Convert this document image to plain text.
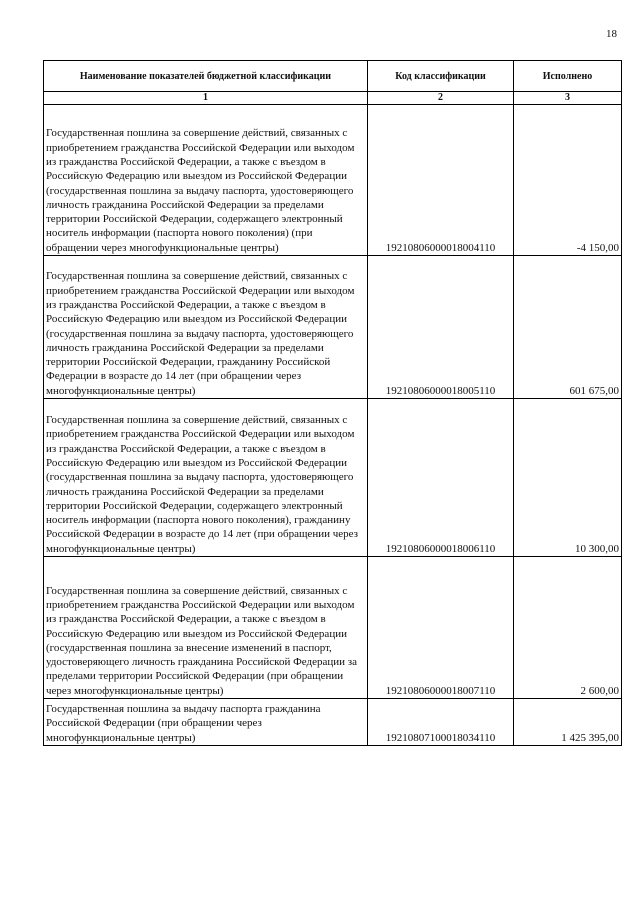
18
Наименование показателей бюджетной классификации	Код классификации	Исполнено
1	2	3
Государственная пошлина за совершение действий, связанных с приобретением гражданства Российской Федерации или выходом из гражданства Российской Федерации, а также с въездом в Российскую Федерацию или выездом из Российской Федерации (государственная пошлина за выдачу паспорта, удостоверяющего личность гражданина Российской Федерации за пределами территории Российской Федерации, содержащего электронный носитель информации (паспорта нового поколения) (при обращении через многофункциональные центры)	19210806000018004110	-4 150,00
Государственная пошлина за совершение действий, связанных с приобретением гражданства Российской Федерации или выходом из гражданства Российской Федерации, а также с въездом в Российскую Федерацию или выездом из Российской Федерации (государственная пошлина за выдачу паспорта, удостоверяющего личность гражданина Российской Федерации за пределами территории Российской Федерации, гражданину Российской Федерации в возрасте до 14 лет (при обращении через многофункциональные центры)	19210806000018005110	601 675,00
Государственная пошлина за совершение действий, связанных с приобретением гражданства Российской Федерации или выходом из гражданства Российской Федерации, а также с въездом в Российскую Федерацию или выездом из Российской Федерации (государственная пошлина за выдачу паспорта, удостоверяющего личность гражданина Российской Федерации за пределами территории Российской Федерации, содержащего электронный носитель информации (паспорта нового поколения), гражданину Российской Федерации в возрасте до 14 лет (при обращении через многофункциональные центры)	19210806000018006110	10 300,00
Государственная пошлина за совершение действий, связанных с приобретением гражданства Российской Федерации или выходом из гражданства Российской Федерации, а также с въездом в Российскую Федерацию или выездом из Российской Федерации (государственная пошлина за внесение изменений в паспорт, удостоверяющего личность гражданина Российской Федерации за пределами территории Российской Федерации (при обращении через многофункциональные центры)	19210806000018007110	2 600,00
Государственная пошлина за выдачу паспорта гражданина Российской Федерации (при обращении через многофункциональные центры)	19210807100018034110	1 425 395,00
